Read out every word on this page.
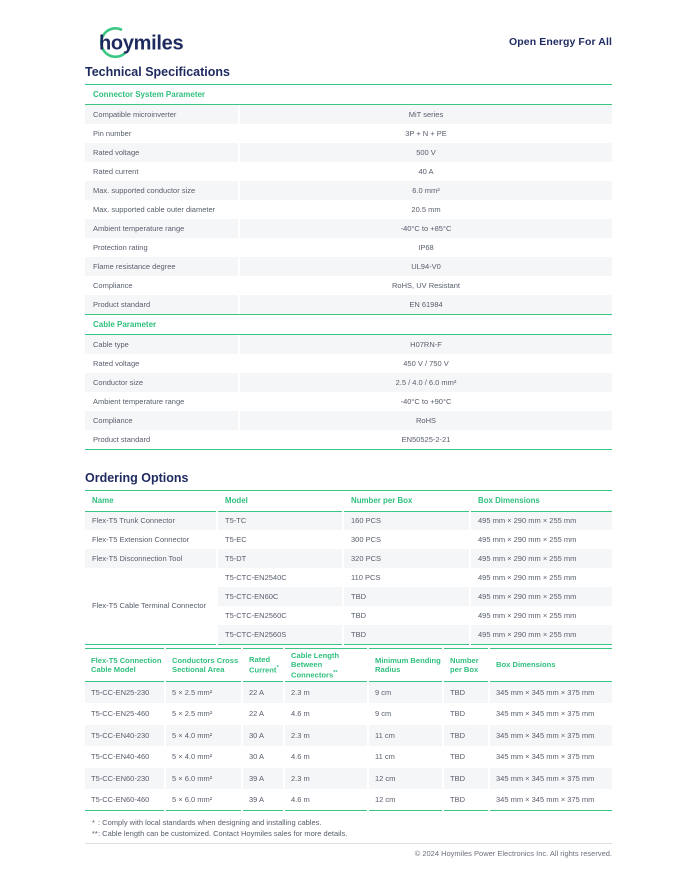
hoymiles	Open Energy For All
Technical Specifications
Connector System Parameter
Compatible microinverter	MiT series
Pin number	3P + N + PE
Rated voltage	500 V
Rated current	40 A
Max. supported conductor size	6.0 mm²
Max. supported cable outer diameter	20.5 mm
Ambient temperature range	-40°C to +85°C
Protection rating	IP68
Flame resistance degree	UL94-V0
Compliance	RoHS, UV Resistant
Product standard	EN 61984
Cable Parameter
Cable type	H07RN-F
Rated voltage	450 V / 750 V
Conductor size	2.5 / 4.0 / 6.0 mm²
Ambient temperature range	-40°C to +90°C
Compliance	RoHS
Product standard	EN50525-2-21
Ordering Options
Name	Model	Number per Box	Box Dimensions
Flex-T5 Trunk Connector	T5-TC	160 PCS	495 mm × 290 mm × 255 mm
Flex-T5 Extension Connector	T5-EC	300 PCS	495 mm × 290 mm × 255 mm
Flex-T5 Disconnection Tool	T5-DT	320 PCS	495 mm × 290 mm × 255 mm
Flex-T5 Cable Terminal Connector	T5-CTC-EN2540C	110 PCS	495 mm × 290 mm × 255 mm
	T5-CTC-EN60C	TBD	495 mm × 290 mm × 255 mm
	T5-CTC-EN2560C	TBD	495 mm × 290 mm × 255 mm
	T5-CTC-EN2560S	TBD	495 mm × 290 mm × 255 mm
Flex-T5 Connection Cable Model	Conductors Cross Sectional Area	Rated Current*	Cable Length Between Connectors**	Minimum Bending Radius	Number per Box	Box Dimensions
T5-CC-EN25-230	5 × 2.5 mm²	22 A	2.3 m	9 cm	TBD	345 mm × 345 mm × 375 mm
T5-CC-EN25-460	5 × 2.5 mm²	22 A	4.6 m	9 cm	TBD	345 mm × 345 mm × 375 mm
T5-CC-EN40-230	5 × 4.0 mm²	30 A	2.3 m	11 cm	TBD	345 mm × 345 mm × 375 mm
T5-CC-EN40-460	5 × 4.0 mm²	30 A	4.6 m	11 cm	TBD	345 mm × 345 mm × 375 mm
T5-CC-EN60-230	5 × 6.0 mm²	39 A	2.3 m	12 cm	TBD	345 mm × 345 mm × 375 mm
T5-CC-EN60-460	5 × 6.0 mm²	39 A	4.6 m	12 cm	TBD	345 mm × 345 mm × 375 mm
* : Comply with local standards when designing and installing cables.
** : Cable length can be customized. Contact Hoymiles sales for more details.
© 2024 Hoymiles Power Electronics Inc. All rights reserved.
